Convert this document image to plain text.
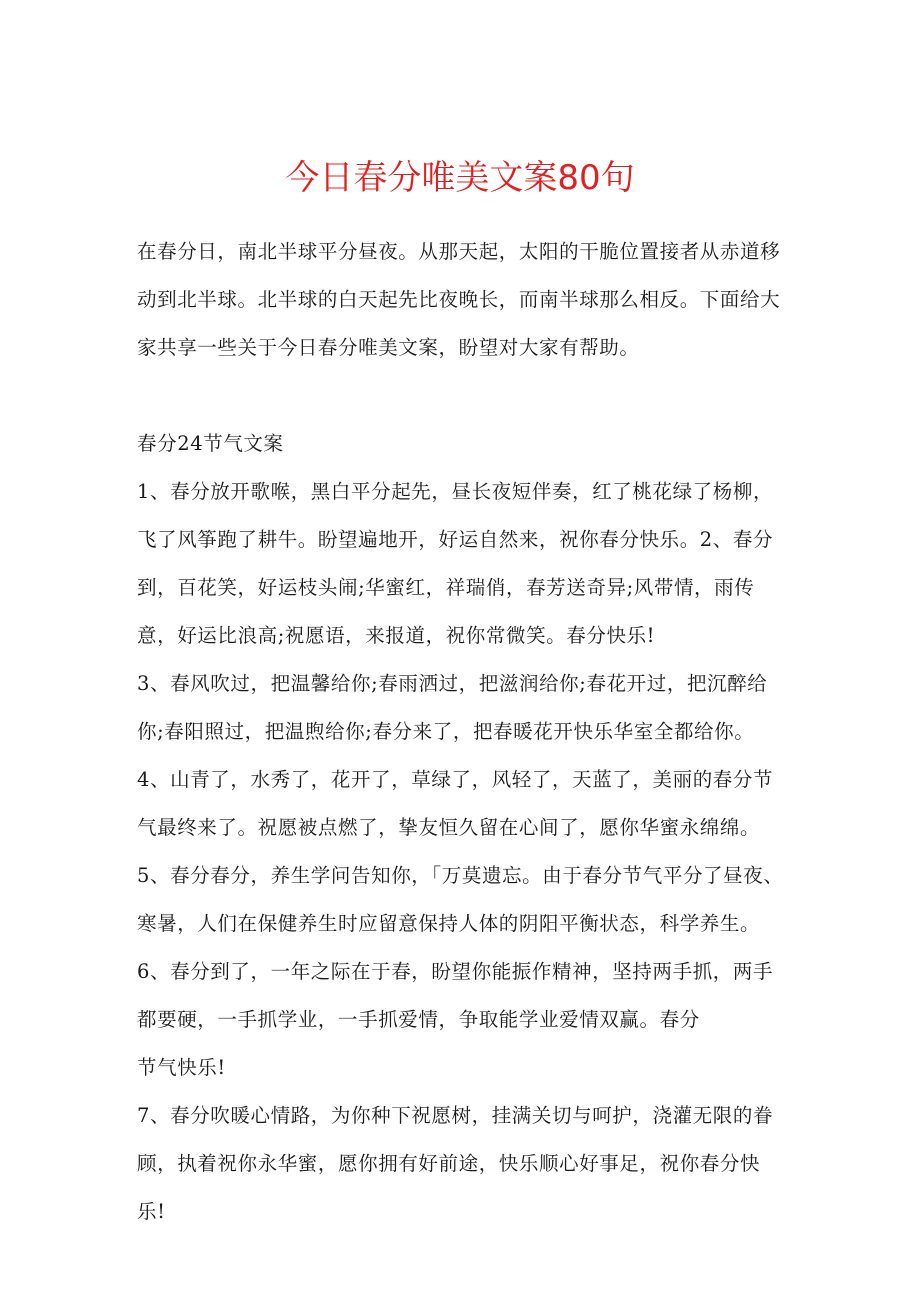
今日春分唯美文案80句

在春分日，南北半球平分昼夜。从那天起，太阳的干脆位置接者从赤道移动到北半球。北半球的白天起先比夜晚长，而南半球那么相反。下面给大家共享一些关于今日春分唯美文案，盼望对大家有帮助。

春分24节气文案

1、春分放开歌喉，黑白平分起先，昼长夜短伴奏，红了桃花绿了杨柳，飞了风筝跑了耕牛。盼望遍地开，好运自然来，祝你春分快乐。2、春分到，百花笑，好运枝头闹;华蜜红，祥瑞俏，春芳送奇异;风带情，雨传意，好运比浪高;祝愿语，来报道，祝你常微笑。春分快乐!

3、春风吹过，把温馨给你;春雨洒过，把滋润给你;春花开过，把沉醉给你;春阳照过，把温煦给你;春分来了，把春暖花开快乐华室全都给你。

4、山青了，水秀了，花开了，草绿了，风轻了，天蓝了，美丽的春分节气最终来了。祝愿被点燃了，挚友恒久留在心间了，愿你华蜜永绵绵。

5、春分春分，养生学问告知你，「万莫遗忘。由于春分节气平分了昼夜、寒暑，人们在保健养生时应留意保持人体的阴阳平衡状态，科学养生。

6、春分到了，一年之际在于春，盼望你能振作精神，坚持两手抓，两手都要硬，一手抓学业，一手抓爱情，争取能学业爱情双赢。春分

节气快乐!

7、春分吹暖心情路，为你种下祝愿树，挂满关切与呵护，浇灌无限的眷顾，执着祝你永华蜜，愿你拥有好前途，快乐顺心好事足，祝你春分快乐!
